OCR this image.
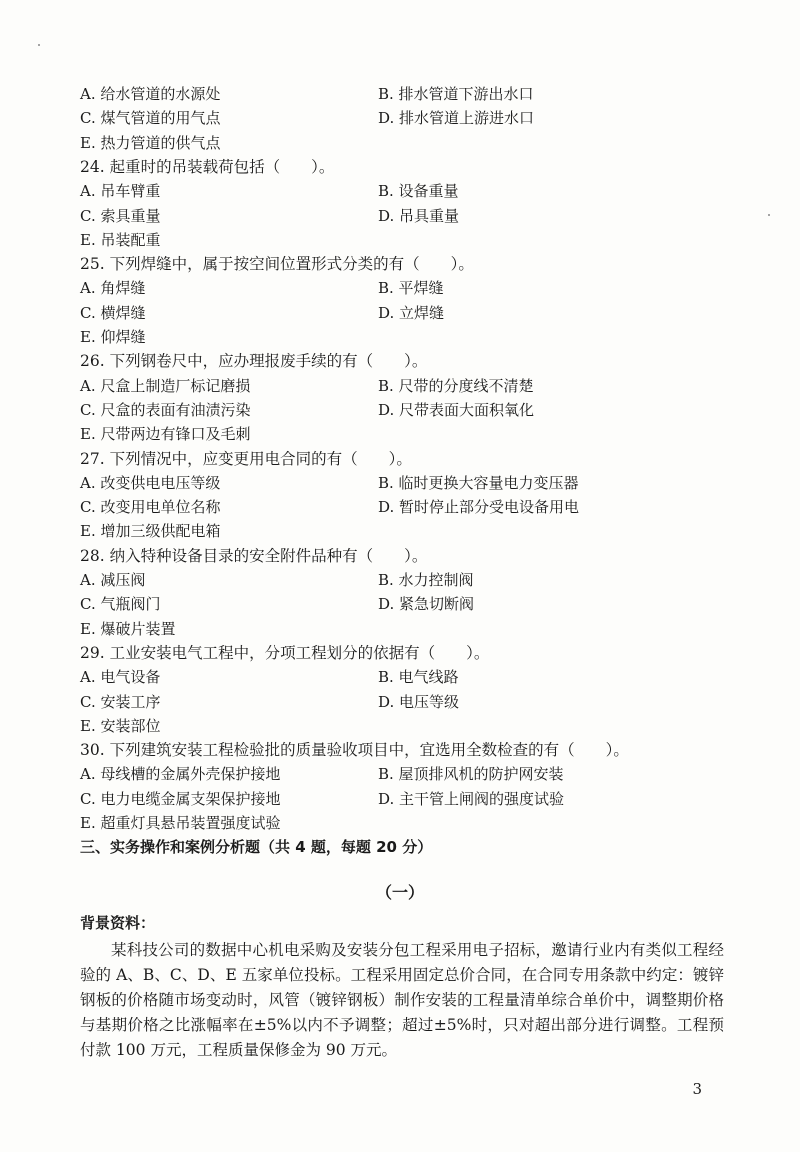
A. 给水管道的水源处	B. 排水管道下游出水口
C. 煤气管道的用气点	D. 排水管道上游进水口
E. 热力管道的供气点
24. 起重时的吊装载荷包括（　　）。
A. 吊车臂重	B. 设备重量
C. 索具重量	D. 吊具重量
E. 吊装配重
25. 下列焊缝中，属于按空间位置形式分类的有（　　）。
A. 角焊缝	B. 平焊缝
C. 横焊缝	D. 立焊缝
E. 仰焊缝
26. 下列钢卷尺中，应办理报废手续的有（　　）。
A. 尺盒上制造厂标记磨损	B. 尺带的分度线不清楚
C. 尺盒的表面有油渍污染	D. 尺带表面大面积氧化
E. 尺带两边有锋口及毛刺
27. 下列情况中，应变更用电合同的有（　　）。
A. 改变供电电压等级	B. 临时更换大容量电力变压器
C. 改变用电单位名称	D. 暂时停止部分受电设备用电
E. 增加三级供配电箱
28. 纳入特种设备目录的安全附件品种有（　　）。
A. 减压阀	B. 水力控制阀
C. 气瓶阀门	D. 紧急切断阀
E. 爆破片装置
29. 工业安装电气工程中，分项工程划分的依据有（　　）。
A. 电气设备	B. 电气线路
C. 安装工序	D. 电压等级
E. 安装部位
30. 下列建筑安装工程检验批的质量验收项目中，宜选用全数检查的有（　　）。
A. 母线槽的金属外壳保护接地	B. 屋顶排风机的防护网安装
C. 电力电缆金属支架保护接地	D. 主干管上闸阀的强度试验
E. 超重灯具悬吊装置强度试验
三、实务操作和案例分析题（共 4 题，每题 20 分）
（一）
背景资料：
某科技公司的数据中心机电采购及安装分包工程采用电子招标，邀请行业内有类似工程经验的 A、B、C、D、E 五家单位投标。工程采用固定总价合同，在合同专用条款中约定：镀锌钢板的价格随市场变动时，风管（镀锌钢板）制作安装的工程量清单综合单价中，调整期价格与基期价格之比涨幅率在±5%以内不予调整；超过±5%时，只对超出部分进行调整。工程预付款 100 万元，工程质量保修金为 90 万元。
3
